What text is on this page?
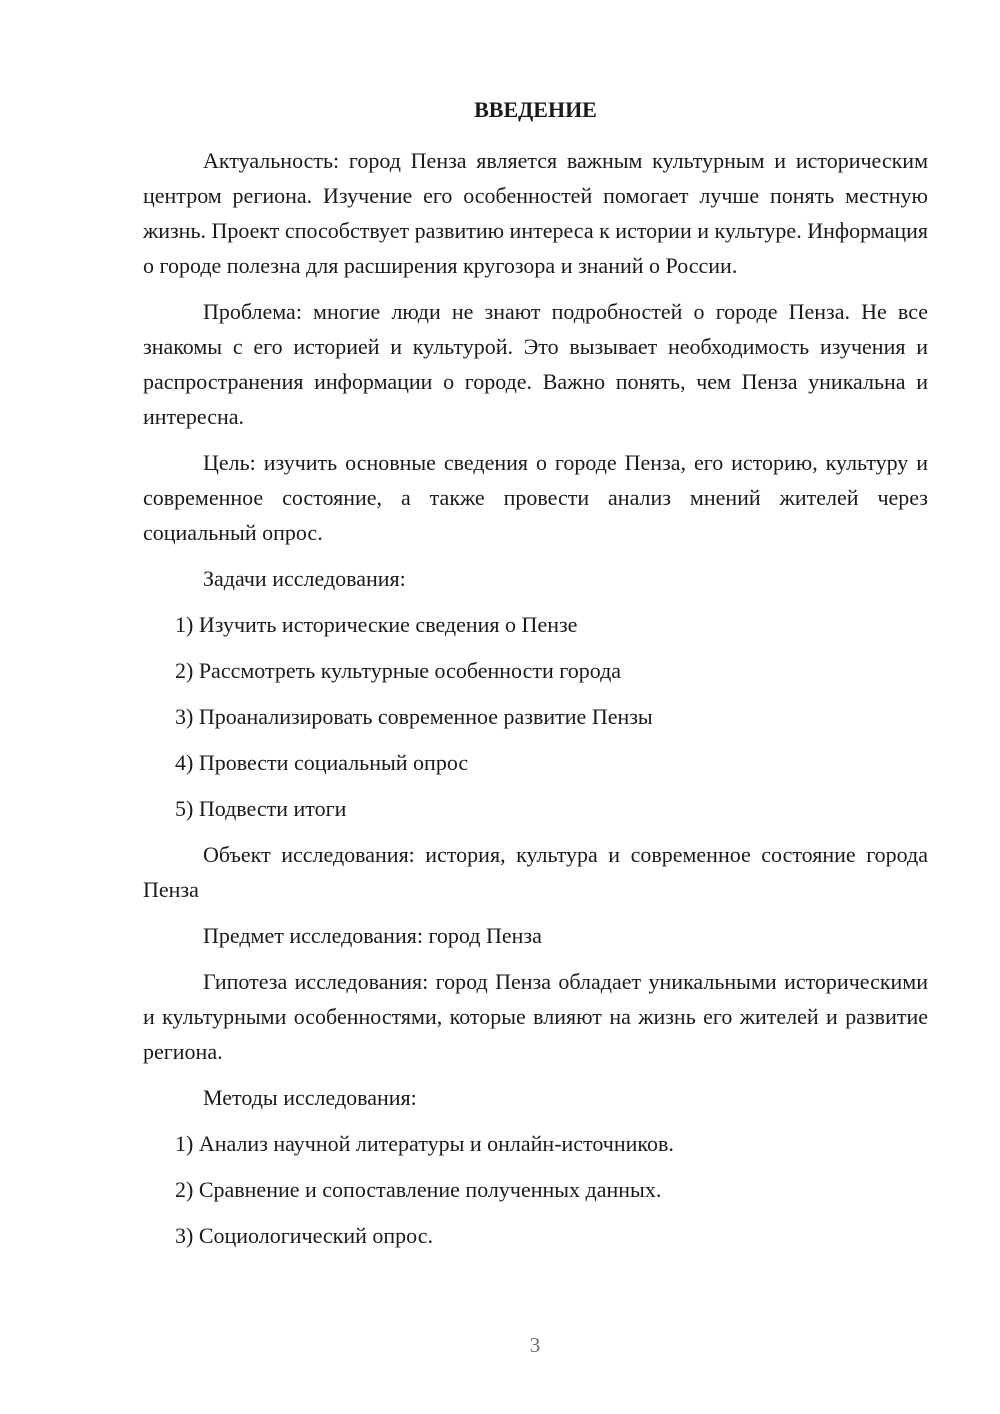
ВВЕДЕНИЕ

Актуальность: город Пенза является важным культурным и историческим центром региона. Изучение его особенностей помогает лучше понять местную жизнь. Проект способствует развитию интереса к истории и культуре. Информация о городе полезна для расширения кругозора и знаний о России.

Проблема: многие люди не знают подробностей о городе Пенза. Не все знакомы с его историей и культурой. Это вызывает необходимость изучения и распространения информации о городе. Важно понять, чем Пенза уникальна и интересна.

Цель: изучить основные сведения о городе Пенза, его историю, культуру и современное состояние, а также провести анализ мнений жителей через социальный опрос.

Задачи исследования:

1) Изучить исторические сведения о Пензе
2) Рассмотреть культурные особенности города
3) Проанализировать современное развитие Пензы
4) Провести социальный опрос
5) Подвести итоги

Объект исследования: история, культура и современное состояние города Пенза

Предмет исследования: город Пенза

Гипотеза исследования: город Пенза обладает уникальными историческими и культурными особенностями, которые влияют на жизнь его жителей и развитие региона.

Методы исследования:

1) Анализ научной литературы и онлайн-источников.
2) Сравнение и сопоставление полученных данных.
3) Социологический опрос.
3
